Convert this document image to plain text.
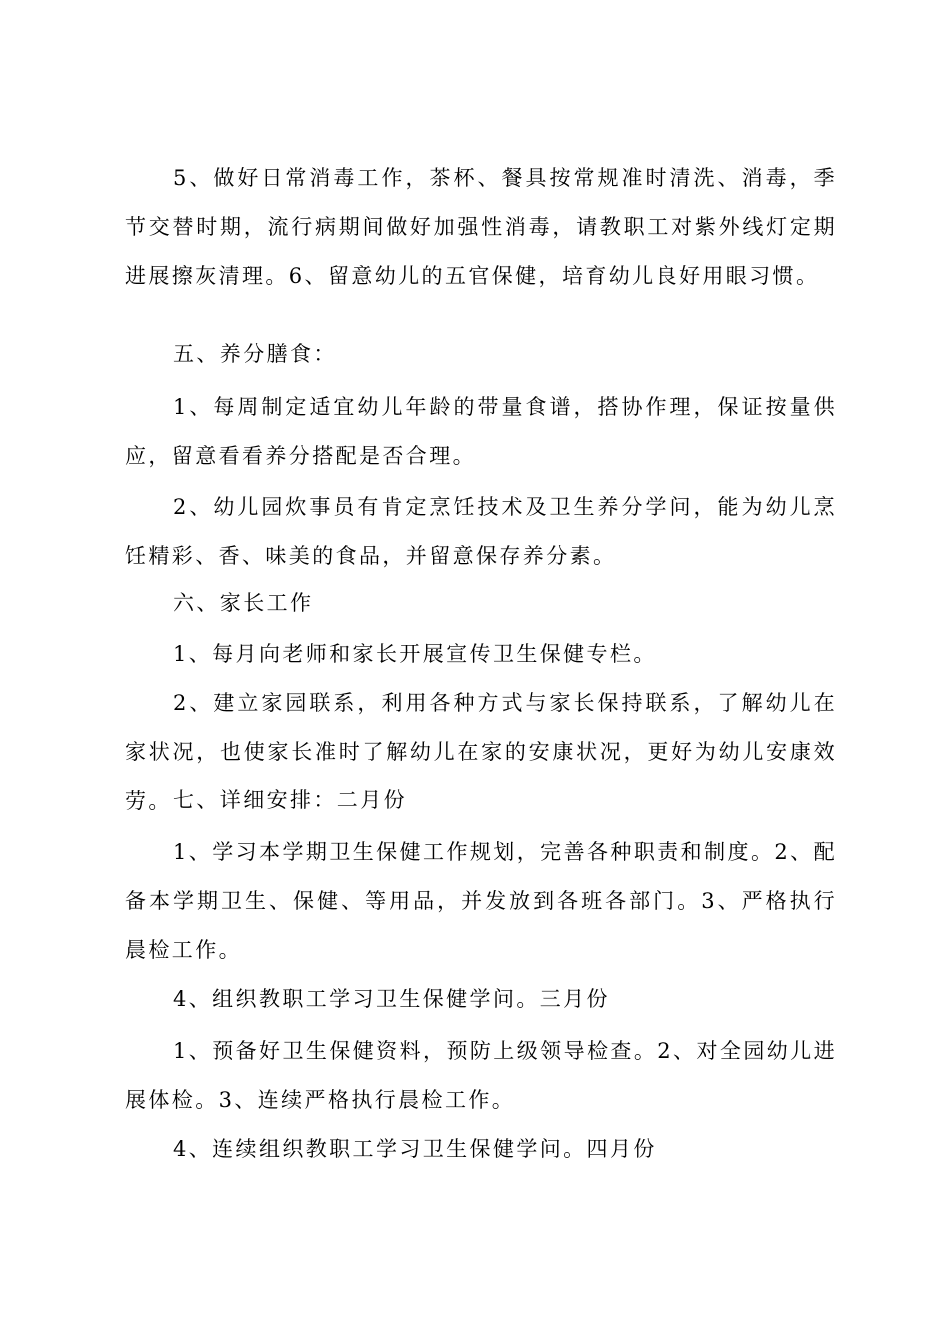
5、做好日常消毒工作，茶杯、餐具按常规准时清洗、消毒，季节交替时期，流行病期间做好加强性消毒，请教职工对紫外线灯定期进展擦灰清理。6、留意幼儿的五官保健，培育幼儿良好用眼习惯。

五、养分膳食：

1、每周制定适宜幼儿年龄的带量食谱，搭协作理，保证按量供应，留意看看养分搭配是否合理。

2、幼儿园炊事员有肯定烹饪技术及卫生养分学问，能为幼儿烹饪精彩、香、味美的食品，并留意保存养分素。

六、家长工作

1、每月向老师和家长开展宣传卫生保健专栏。

2、建立家园联系，利用各种方式与家长保持联系，了解幼儿在家状况，也使家长准时了解幼儿在家的安康状况，更好为幼儿安康效劳。 七、详细安排：二月份

1、学习本学期卫生保健工作规划，完善各种职责和制度。2、配备本学期卫生、保健、等用品，并发放到各班各部门。3、严格执行晨检工作。

4、组织教职工学习卫生保健学问。三月份

1、预备好卫生保健资料，预防上级领导检查。2、对全园幼儿进展体检。3、连续严格执行晨检工作。

4、连续组织教职工学习卫生保健学问。四月份
